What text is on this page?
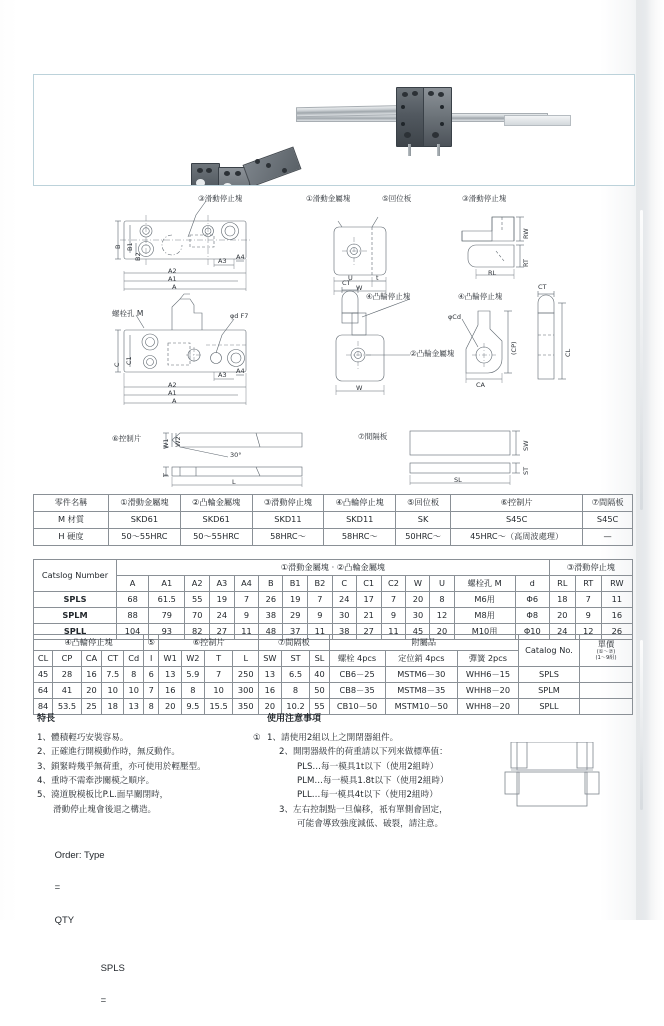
③滑動停止塊	①滑動金屬塊	⑤回位板	③滑動停止塊
螺栓孔 M
④凸輪停止塊	④凸輪停止塊
②凸輪金屬塊
⑥控制片	⑦間隔板
A2
A1
A
A3 A4
B B1
B2
A2
A1
A
A3 A4
C C1
φd F7
U	t
W
CT
W	CA
φCd
(CP)	CL
CT
RW
RT
RL
W1 W2
T
L
30°
SW
ST
SL
零件名稱	①滑動金屬塊	②凸輪金屬塊	③滑動停止塊	④凸輪停止塊	⑤回位板	⑥控制片	⑦間隔板
M 材質	SKD61	SKD61	SKD11	SKD11	SK	S45C	S45C
H 硬度	50～55HRC	50～55HRC	58HRC～	58HRC～	50HRC～	45HRC～（高周波處理）	—
Catslog Number	①滑動金屬塊 · ②凸輪金屬塊															③滑動停止塊		
	A	A1	A2	A3	A4	B	B1	B2	C	C1	C2	W	U	螺栓孔 M	d	RL	RT	RW
SPLS	68	61.5	55	19	7	26	19	7	24	17	7	20	8	M6用	Φ6	18	7	11
SPLM	88	79	70	24	9	38	29	9	30	21	9	30	12	M8用	Φ8	20	9	16
SPLL	104	93	82	27	11	48	37	11	38	27	11	45	20	M10用	Φ10	24	12	26
④凸輪停止塊					⑤	⑥控制片				⑦間隔板			附屬品			Catalog No.	單價
(①～⑦)
(1～9組)

CL	CP	CA	CT	Cd	I	W1	W2	T	L	SW	ST	SL	螺栓 4pcs	定位銷 4pcs	彈簧 2pcs		
45	28	16	7.5	8	6	13	5.9	7	250	13	6.5	40	CB6－25	MSTM6－30	WHH6－15	SPLS	
64	41	20	10	10	7	16	8	10	300	16	8	50	CB8－35	MSTM8－35	WHH8－20	SPLM	
84	53.5	25	18	13	8	20	9.5	15.5	350	20	10.2	55	CB10－50	MSTM10－50	WHH8－20	SPLL	
特長
1、體積輕巧安裝容易。
2、正確進行開模動作時，無反動作。
3、鎖緊時幾乎無荷重，亦可使用於輕壓型。
4、重時不需牽涉關模之順序。
5、澆道脫模板比P.L.面早關閉時，
滑動停止塊會後退之構造。
使用注意事項
① 1、請使用2組以上之開閉器組件。
2、開閉器級件的荷重請以下列來做標準值：
PLS…每一模具1t以下（使用2組時）
PLM…每一模具1.8t以下（使用2組時）
PLL…每一模具4t以下（使用2組時）
3、左右控制點一旦偏移，衹有單側會固定，
可能會導致強度減低、破裂，請注意。

Order: Type

=

QTY

SPLS

=
